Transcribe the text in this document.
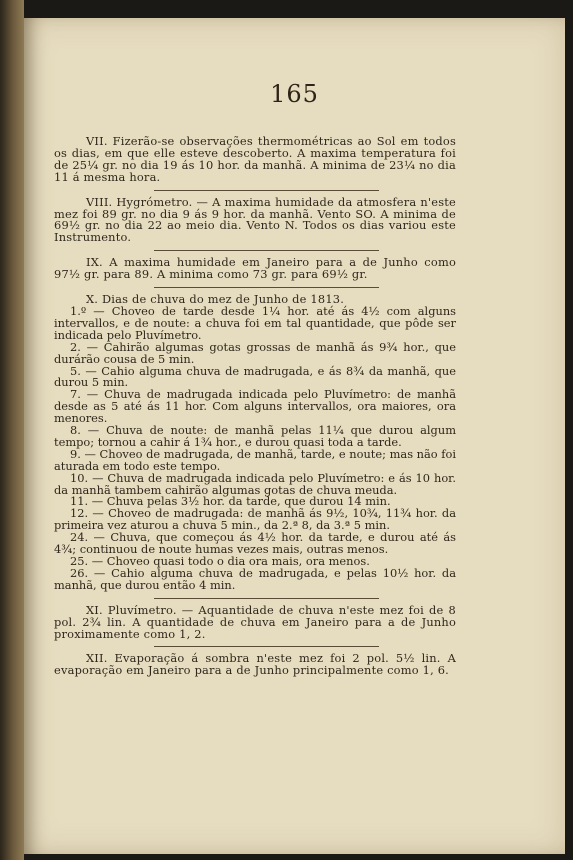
165

VII. Fizerão-se observações thermométricas ao Sol em todos os dias, em que elle esteve descoberto. A maxima temperatura foi de 25¼ gr. no dia 19 ás 10 hor. da manhã. A minima de 23¼ no dia 11 á mesma hora.

VIII. Hygrómetro. — A maxima humidade da atmosfera n'este mez foi 89 gr. no dia 9 ás 9 hor. da manhã. Vento SO. A minima de 69½ gr. no dia 22 ao meio dia. Vento N. Todos os dias variou este Instrumento.

IX. A maxima humidade em Janeiro para a de Junho como 97½ gr. para 89. A minima como 73 gr. para 69½ gr.

X. Dias de chuva do mez de Junho de 1813.

1.º — Choveo de tarde desde 1¼ hor. até ás 4½ com alguns intervallos, e de noute: a chuva foi em tal quantidade, que pôde ser indicada pelo Pluvímetro.

2. — Cahirão algumas gotas grossas de manhã ás 9¾ hor., que durárão cousa de 5 min.

5. — Cahio alguma chuva de madrugada, e ás 8¾ da manhã, que durou 5 min.

7. — Chuva de madrugada indicada pelo Pluvímetro: de manhã desde as 5 até ás 11 hor. Com alguns intervallos, ora maiores, ora menores.

8. — Chuva de noute: de manhã pelas 11¼ que durou algum tempo; tornou a cahir á 1¾ hor., e durou quasi toda a tarde.

9. — Choveo de madrugada, de manhã, tarde, e noute; mas não foi aturada em todo este tempo.

10. — Chuva de madrugada indicada pelo Pluvímetro: e ás 10 hor. da manhã tambem cahirão algumas gotas de chuva meuda.

11. — Chuva pelas 3½ hor. da tarde, que durou 14 min.

12. — Choveo de madrugada: de manhã ás 9½, 10¾, 11¾ hor. da primeira vez aturou a chuva 5 min., da 2.ª 8, da 3.ª 5 min.

24. — Chuva, que começou ás 4½ hor. da tarde, e durou até ás 4¾; continuou de noute humas vezes mais, outras menos.

25. — Choveo quasi todo o dia ora mais, ora menos.

26. — Cahio alguma chuva de madrugada, e pelas 10½ hor. da manhã, que durou então 4 min.

XI. Pluvímetro. — Aquantidade de chuva n'este mez foi de 8 pol. 2¾ lin. A quantidade de chuva em Janeiro para a de Junho proximamente como 1, 2.

XII. Evaporação á sombra n'este mez foi 2 pol. 5½ lin. A evaporação em Janeiro para a de Junho principalmente como 1, 6.
